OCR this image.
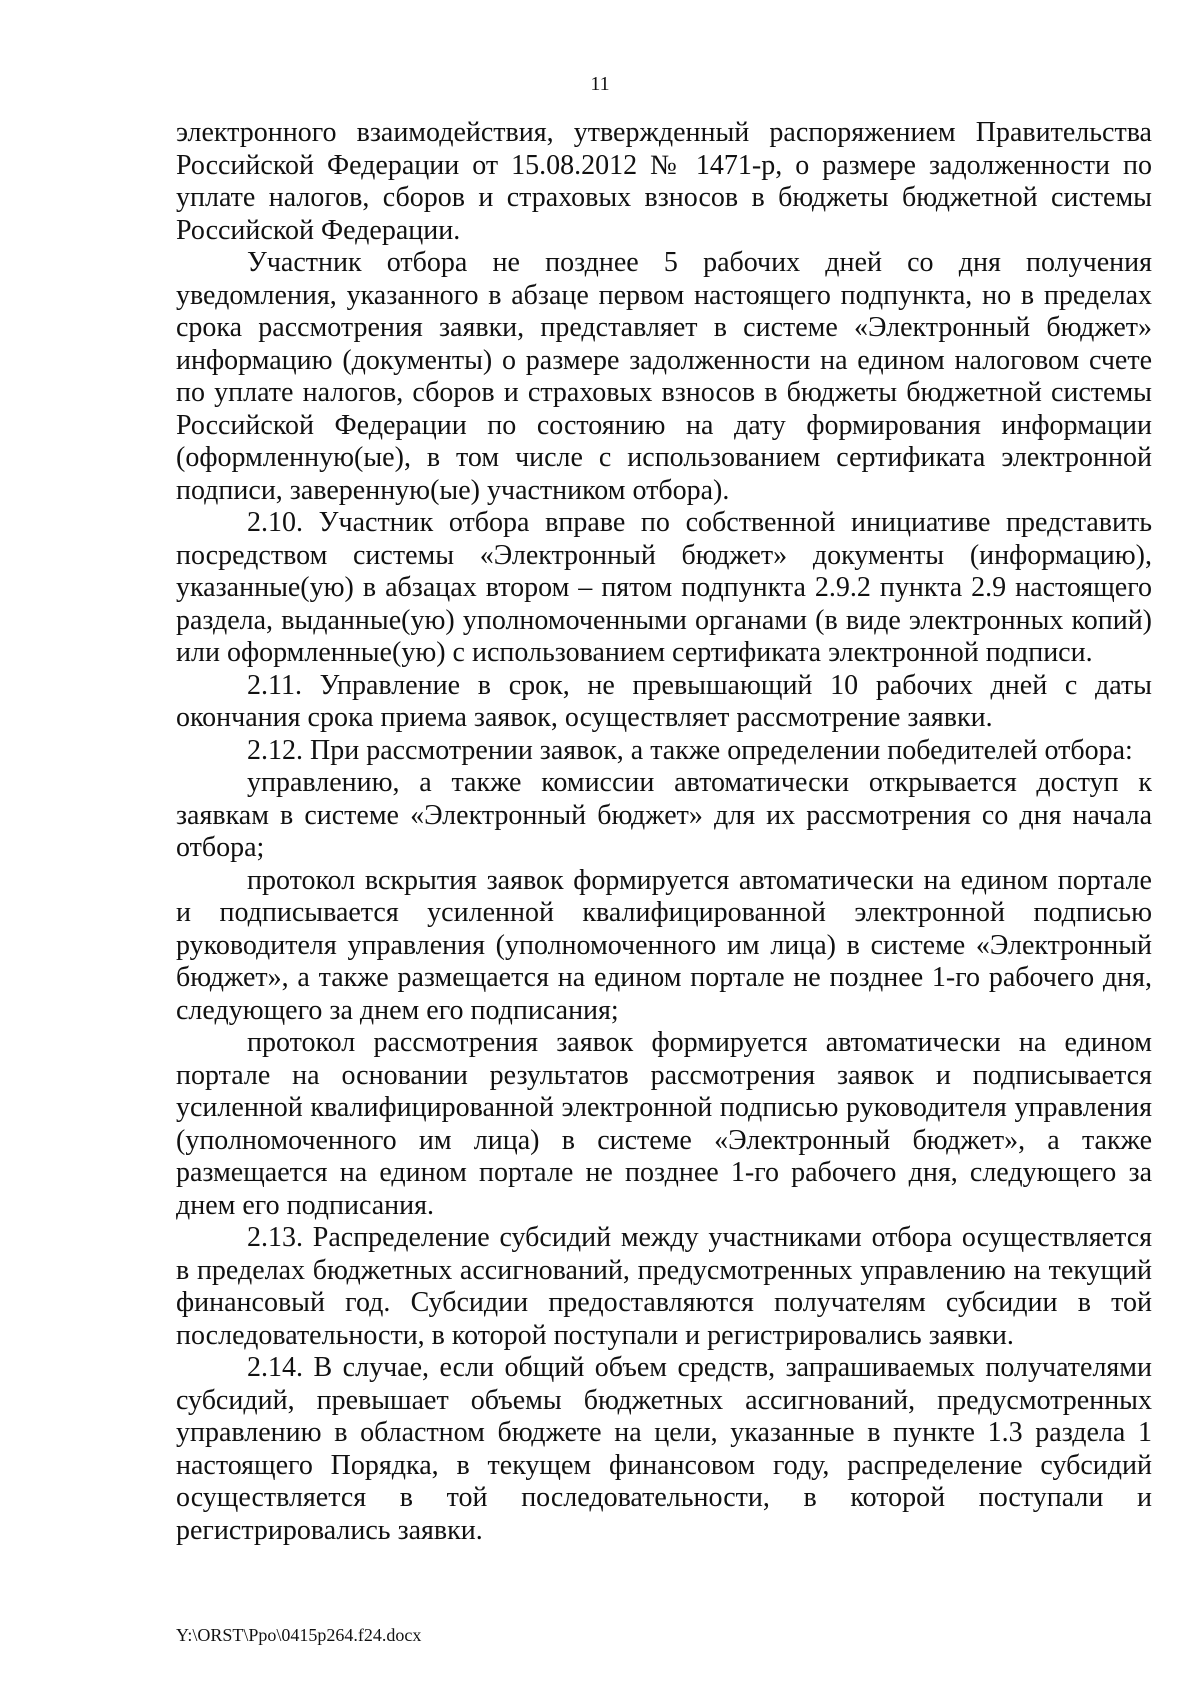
11

электронного взаимодействия, утвержденный распоряжением Правительства Российской Федерации от 15.08.2012 № 1471-р, о размере задолженности по уплате налогов, сборов и страховых взносов в бюджеты бюджетной системы Российской Федерации.

Участник отбора не позднее 5 рабочих дней со дня получения уведомления, указанного в абзаце первом настоящего подпункта, но в пределах срока рассмотрения заявки, представляет в системе «Электронный бюджет» информацию (документы) о размере задолженности на едином налоговом счете по уплате налогов, сборов и страховых взносов в бюджеты бюджетной системы Российской Федерации по состоянию на дату формирования информации (оформленную(ые), в том числе с использованием сертификата электронной подписи, заверенную(ые) участником отбора).

2.10. Участник отбора вправе по собственной инициативе представить посредством системы «Электронный бюджет» документы (информацию), указанные(ую) в абзацах втором – пятом подпункта 2.9.2 пункта 2.9 настоящего раздела, выданные(ую) уполномоченными органами (в виде электронных копий) или оформленные(ую) с использованием сертификата электронной подписи.

2.11. Управление в срок, не превышающий 10 рабочих дней с даты окончания срока приема заявок, осуществляет рассмотрение заявки.

2.12. При рассмотрении заявок, а также определении победителей отбора:

управлению, а также комиссии автоматически открывается доступ к заявкам в системе «Электронный бюджет» для их рассмотрения со дня начала отбора;

протокол вскрытия заявок формируется автоматически на едином портале и подписывается усиленной квалифицированной электронной подписью руководителя управления (уполномоченного им лица) в системе «Электронный бюджет», а также размещается на едином портале не позднее 1-го рабочего дня, следующего за днем его подписания;

протокол рассмотрения заявок формируется автоматически на едином портале на основании результатов рассмотрения заявок и подписывается усиленной квалифицированной электронной подписью руководителя управления (уполномоченного им лица) в системе «Электронный бюджет», а также размещается на едином портале не позднее 1-го рабочего дня, следующего за днем его подписания.

2.13. Распределение субсидий между участниками отбора осуществляется в пределах бюджетных ассигнований, предусмотренных управлению на текущий финансовый год. Субсидии предоставляются получателям субсидии в той последовательности, в которой поступали и регистрировались заявки.

2.14. В случае, если общий объем средств, запрашиваемых получателями субсидий, превышает объемы бюджетных ассигнований, предусмотренных управлению в областном бюджете на цели, указанные в пункте 1.3 раздела 1 настоящего Порядка, в текущем финансовом году, распределение субсидий осуществляется в той последовательности, в которой поступали и регистрировались заявки.

Y:\ORST\Ppo\0415p264.f24.docx
